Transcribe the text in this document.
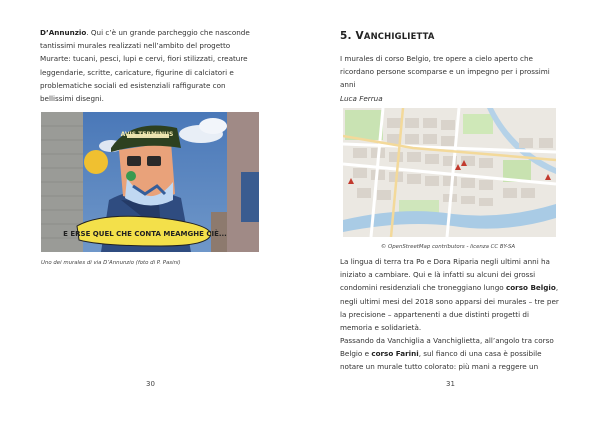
D’Annunzio. Qui c’è un grande parcheggio che nasconde

tantissimi murales realizzati nell’ambito del progetto

Murarte: tucani, pesci, lupi e cervi, fiori stilizzati, creature

leggendarie, scritte, caricature, figurine di calciatori e

problematiche sociali ed esistenziali raffigurate con

bellissimi disegni.

E ERSE QUEL CHE CONTA MEAMGHE CIÈ...
AVIS TERMINUS
Uno dei murales di via D’Annunzio (foto di P. Pasini)
30
5. VANCHIGLIETTA

I murales di corso Belgio, tre opere a cielo aperto che

ricordano persone scomparse e un impegno per i prossimi

anni

Luca Ferrua
© OpenStreetMap contributors - licenza CC BY-SA

La lingua di terra tra Po e Dora Riparia negli ultimi anni ha

iniziato a cambiare. Qui e là infatti su alcuni dei grossi

condomini residenziali che troneggiano lungo corso Belgio,

negli ultimi mesi del 2018 sono apparsi dei murales – tre per

la precisione – appartenenti a due distinti progetti di

memoria e solidarietà.

Passando da Vanchiglia a Vanchiglietta, all’angolo tra corso

Belgio e corso Farini, sul fianco di una casa è possibile

notare un murale tutto colorato: più mani a reggere un

31
